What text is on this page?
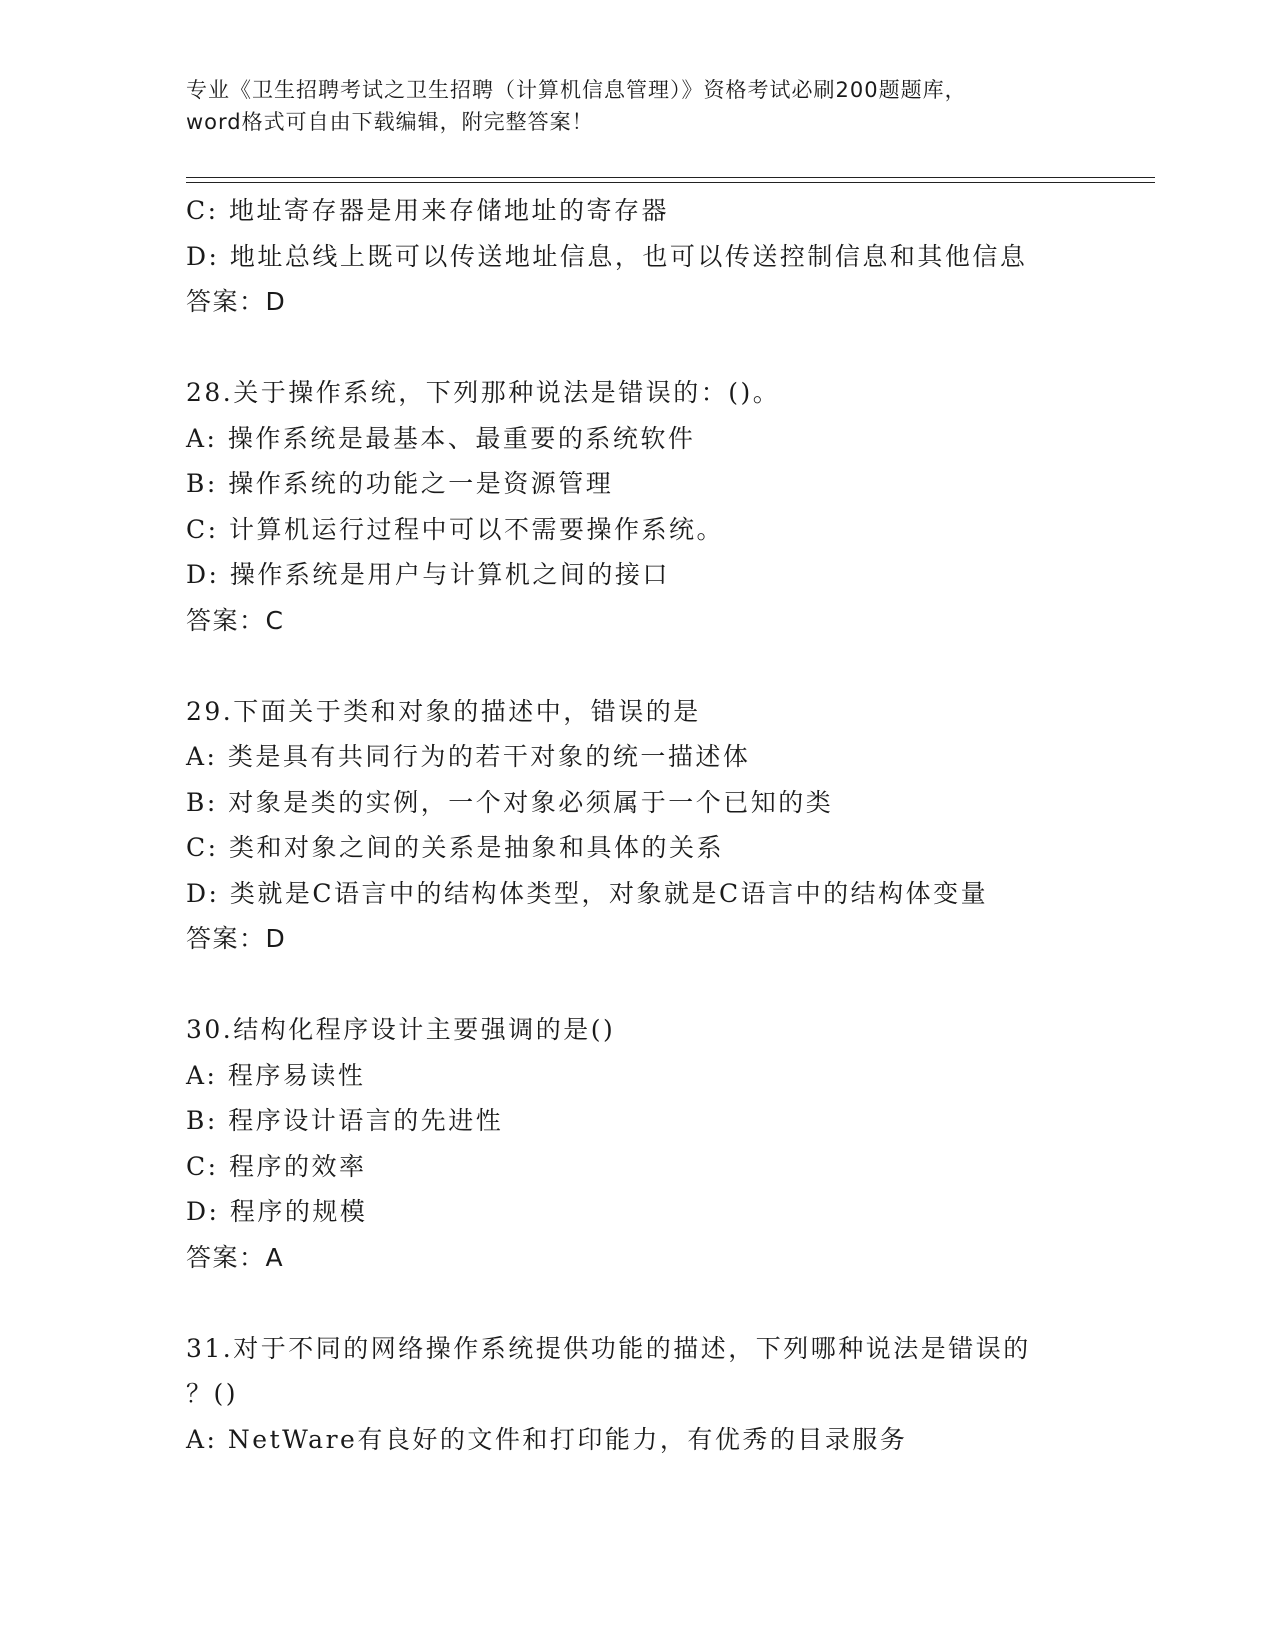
专业《卫生招聘考试之卫生招聘（计算机信息管理）》资格考试必刷200题题库，
word格式可自由下载编辑，附完整答案！
C: 地址寄存器是用来存储地址的寄存器
D: 地址总线上既可以传送地址信息，也可以传送控制信息和其他信息
答案：D
28.关于操作系统，下列那种说法是错误的：()。
A: 操作系统是最基本、最重要的系统软件
B: 操作系统的功能之一是资源管理
C: 计算机运行过程中可以不需要操作系统。
D: 操作系统是用户与计算机之间的接口
答案：C
29.下面关于类和对象的描述中，错误的是
A: 类是具有共同行为的若干对象的统一描述体
B: 对象是类的实例，一个对象必须属于一个已知的类
C: 类和对象之间的关系是抽象和具体的关系
D: 类就是C语言中的结构体类型，对象就是C语言中的结构体变量
答案：D
30.结构化程序设计主要强调的是()
A: 程序易读性
B: 程序设计语言的先进性
C: 程序的效率
D: 程序的规模
答案：A
31.对于不同的网络操作系统提供功能的描述，下列哪种说法是错误的
？()
A: NetWare有良好的文件和打印能力，有优秀的目录服务
